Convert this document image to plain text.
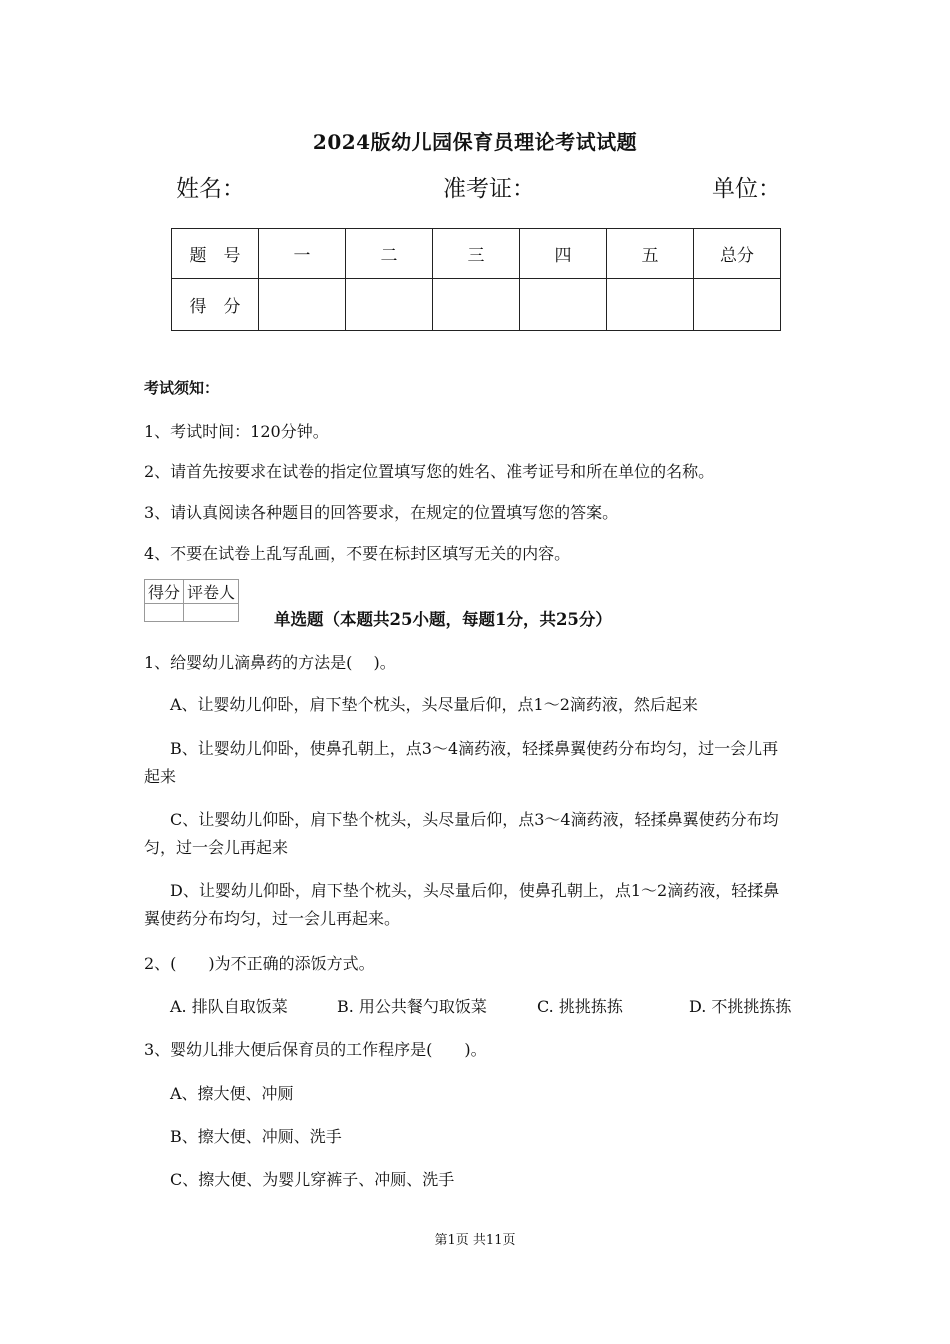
2024版幼儿园保育员理论考试试题
姓名：	准考证：	单位：
题　号	一	二	三	四	五	总分
得　分						
考试须知：
1、考试时间：120分钟。
2、请首先按要求在试卷的指定位置填写您的姓名、准考证号和所在单位的名称。
3、请认真阅读各种题目的回答要求，在规定的位置填写您的答案。
4、不要在试卷上乱写乱画，不要在标封区填写无关的内容。
得分	评卷人

单选题（本题共25小题，每题1分，共25分）
1、给婴幼儿滴鼻药的方法是(　 )。
A、让婴幼儿仰卧，肩下垫个枕头，头尽量后仰，点1～2滴药液，然后起来
B、让婴幼儿仰卧，使鼻孔朝上，点3～4滴药液，轻揉鼻翼使药分布均匀，过一会儿再
起来
C、让婴幼儿仰卧，肩下垫个枕头，头尽量后仰，点3～4滴药液，轻揉鼻翼使药分布均
匀，过一会儿再起来
D、让婴幼儿仰卧，肩下垫个枕头，头尽量后仰，使鼻孔朝上，点1～2滴药液，轻揉鼻
翼使药分布均匀，过一会儿再起来。
2、(　　)为不正确的添饭方式。
A. 排队自取饭菜	B. 用公共餐勺取饭菜	C. 挑挑拣拣	D. 不挑挑拣拣
3、婴幼儿排大便后保育员的工作程序是(　　)。
A、擦大便、冲厕
B、擦大便、冲厕、洗手
C、擦大便、为婴儿穿裤子、冲厕、洗手
第1页 共11页
